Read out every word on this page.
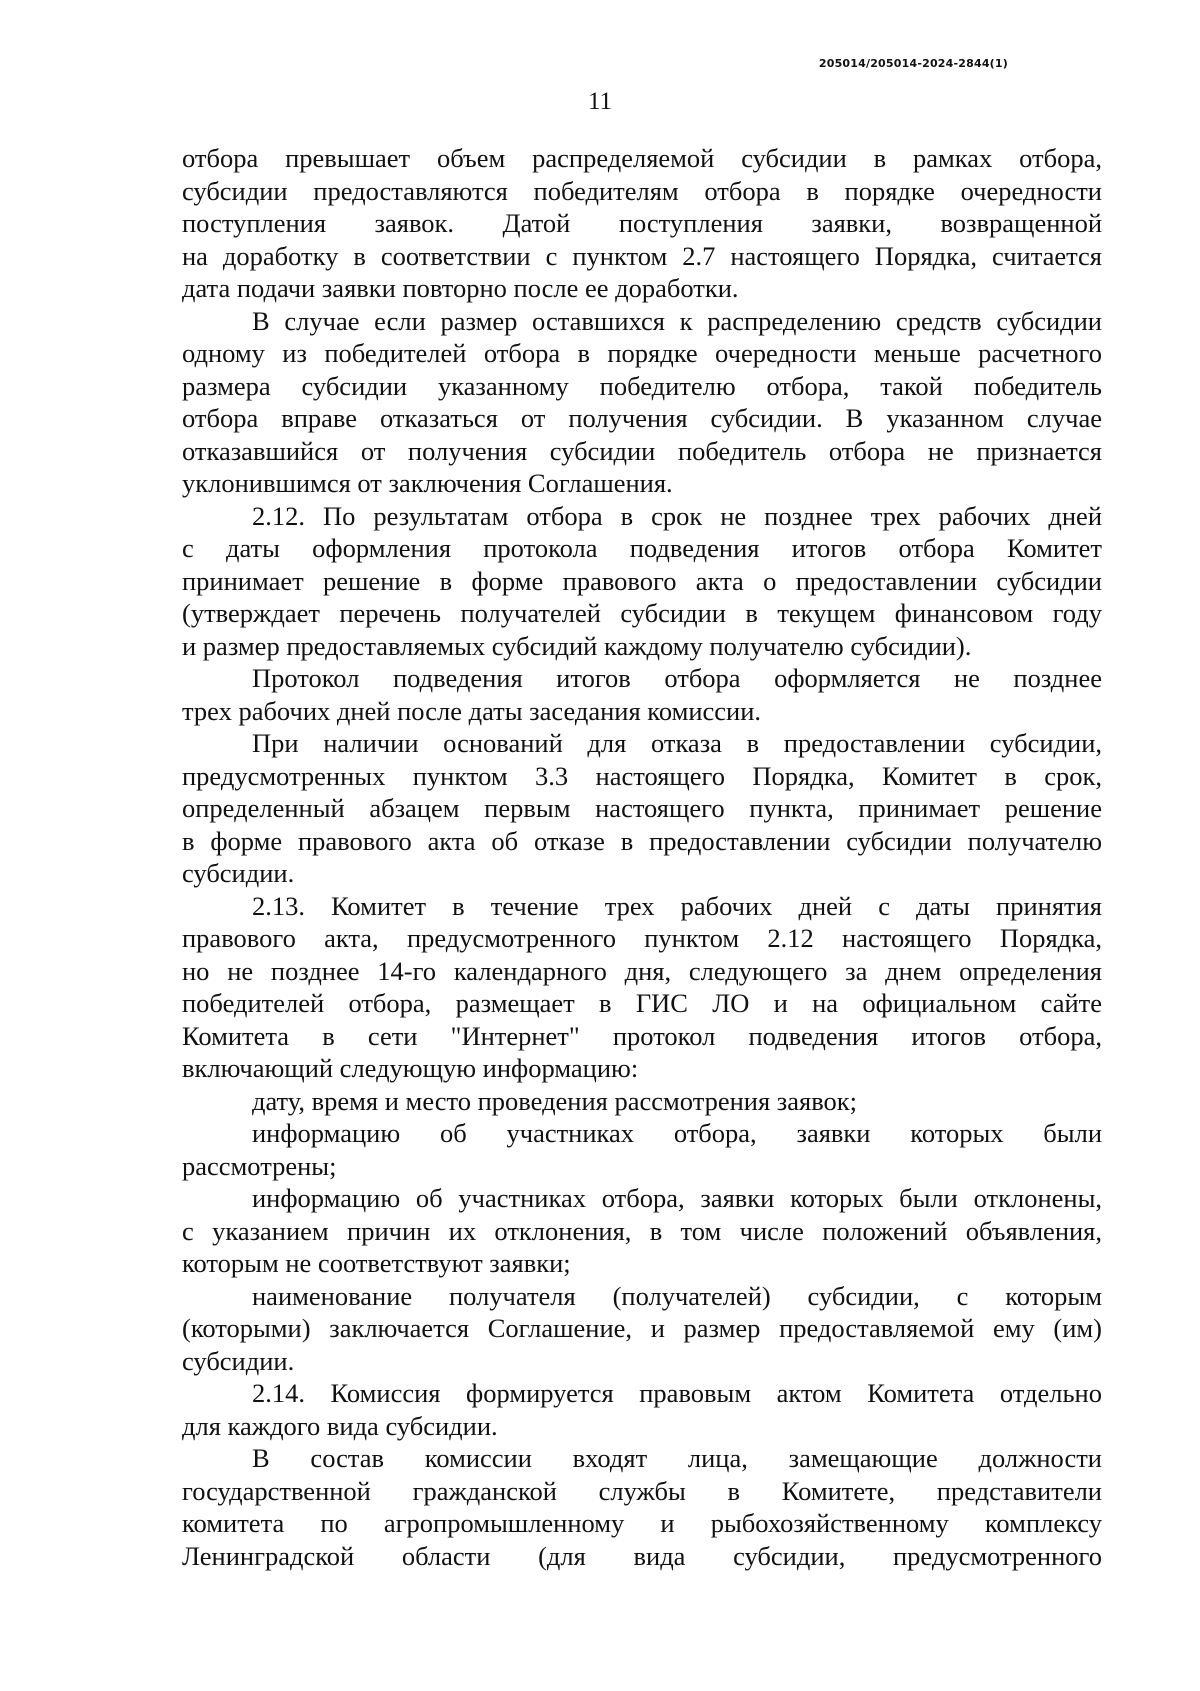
205014/205014-2024-2844(1)
11
отбора превышает объем распределяемой субсидии в рамках отбора,
субсидии предоставляются победителям отбора в порядке очередности
поступления заявок. Датой поступления заявки, возвращенной
на доработку в соответствии с пунктом 2.7 настоящего Порядка, считается
дата подачи заявки повторно после ее доработки.
В случае если размер оставшихся к распределению средств субсидии
одному из победителей отбора в порядке очередности меньше расчетного
размера субсидии указанному победителю отбора, такой победитель
отбора вправе отказаться от получения субсидии. В указанном случае
отказавшийся от получения субсидии победитель отбора не признается
уклонившимся от заключения Соглашения.
2.12. По результатам отбора в срок не позднее трех рабочих дней
с даты оформления протокола подведения итогов отбора Комитет
принимает решение в форме правового акта о предоставлении субсидии
(утверждает перечень получателей субсидии в текущем финансовом году
и размер предоставляемых субсидий каждому получателю субсидии).
Протокол подведения итогов отбора оформляется не позднее
трех рабочих дней после даты заседания комиссии.
При наличии оснований для отказа в предоставлении субсидии,
предусмотренных пунктом 3.3 настоящего Порядка, Комитет в срок,
определенный абзацем первым настоящего пункта, принимает решение
в форме правового акта об отказе в предоставлении субсидии получателю
субсидии.
2.13. Комитет в течение трех рабочих дней с даты принятия
правового акта, предусмотренного пунктом 2.12 настоящего Порядка,
но не позднее 14-го календарного дня, следующего за днем определения
победителей отбора, размещает в ГИС ЛО и на официальном сайте
Комитета в сети "Интернет" протокол подведения итогов отбора,
включающий следующую информацию:
дату, время и место проведения рассмотрения заявок;
информацию об участниках отбора, заявки которых были
рассмотрены;
информацию об участниках отбора, заявки которых были отклонены,
с указанием причин их отклонения, в том числе положений объявления,
которым не соответствуют заявки;
наименование получателя (получателей) субсидии, с которым
(которыми) заключается Соглашение, и размер предоставляемой ему (им)
субсидии.
2.14. Комиссия формируется правовым актом Комитета отдельно
для каждого вида субсидии.
В состав комиссии входят лица, замещающие должности
государственной гражданской службы в Комитете, представители
комитета по агропромышленному и рыбохозяйственному комплексу
Ленинградской области (для вида субсидии, предусмотренного
